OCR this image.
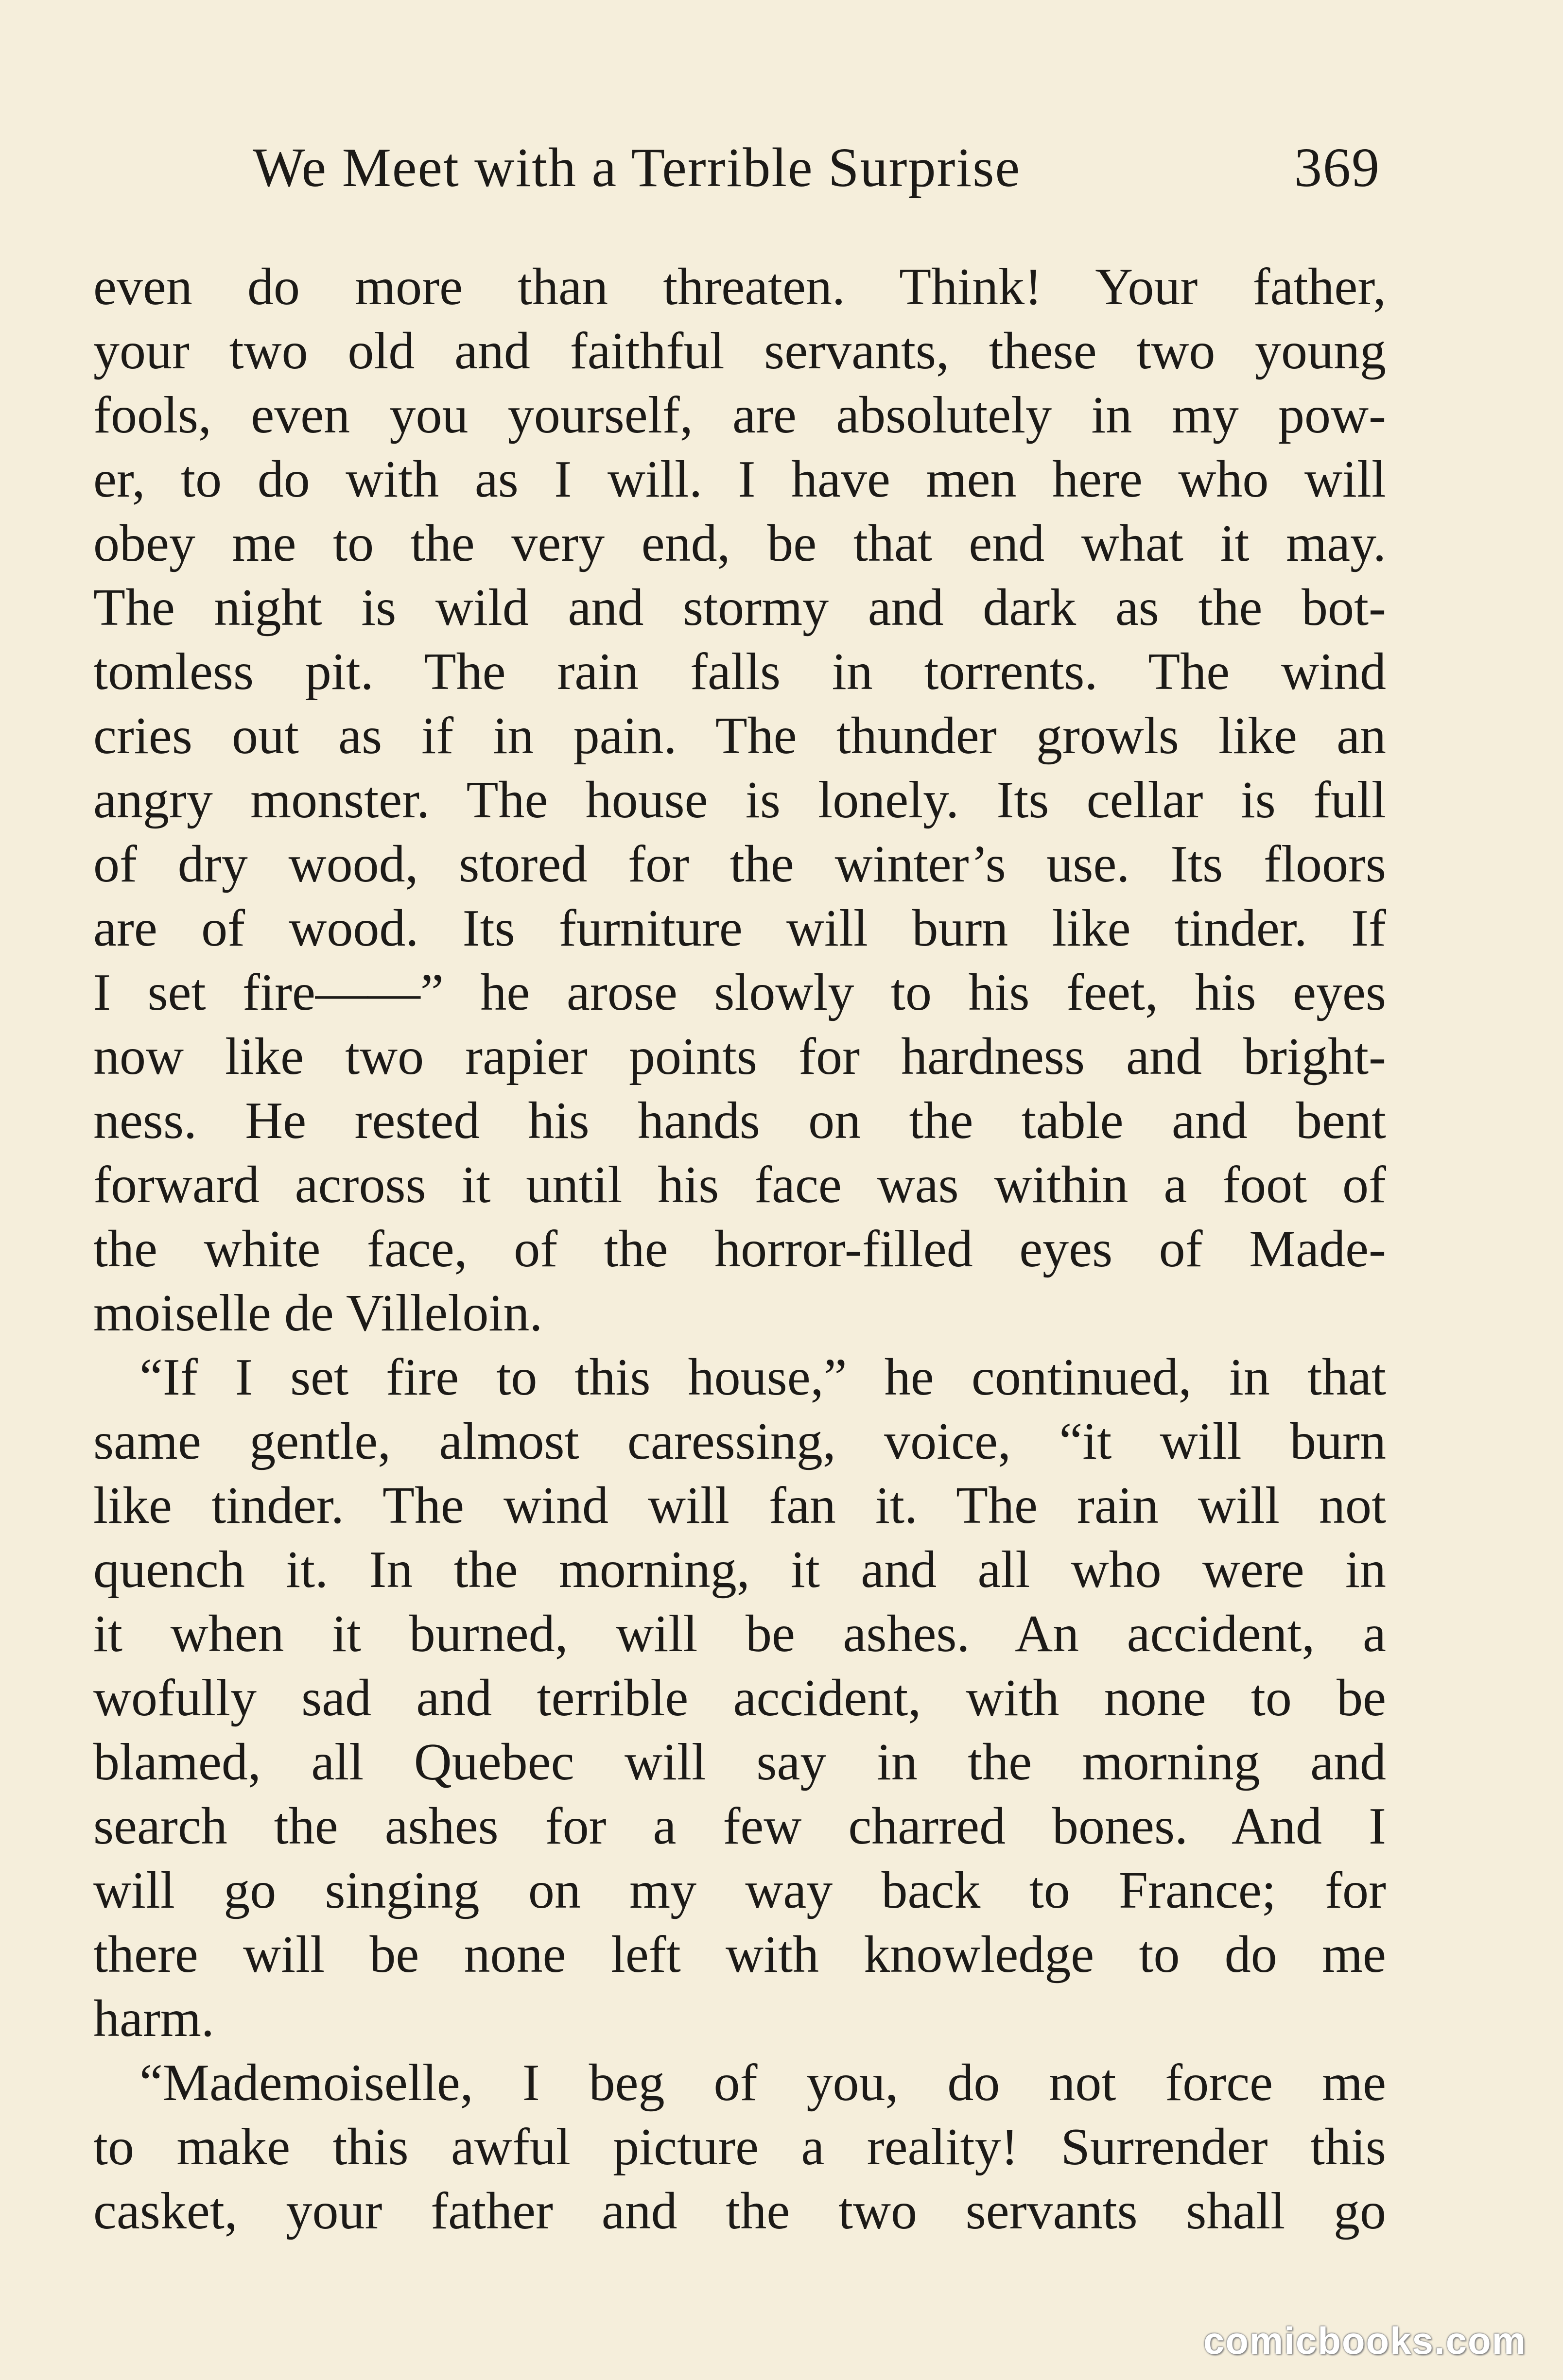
We Meet with a Terrible Surprise	369
even do more than threaten. Think! Your father,
your two old and faithful servants, these two young
fools, even you yourself, are absolutely in my pow-
er, to do with as I will. I have men here who will
obey me to the very end, be that end what it may.
The night is wild and stormy and dark as the bot-
tomless pit. The rain falls in torrents. The wind
cries out as if in pain. The thunder growls like an
angry monster. The house is lonely. Its cellar is full
of dry wood, stored for the winter’s use. Its floors
are of wood. Its furniture will burn like tinder. If
I set fire——” he arose slowly to his feet, his eyes
now like two rapier points for hardness and bright-
ness. He rested his hands on the table and bent
forward across it until his face was within a foot of
the white face, of the horror-filled eyes of Made-
moiselle de Villeloin.
“If I set fire to this house,” he continued, in that
same gentle, almost caressing, voice, “it will burn
like tinder. The wind will fan it. The rain will not
quench it. In the morning, it and all who were in
it when it burned, will be ashes. An accident, a
wofully sad and terrible accident, with none to be
blamed, all Quebec will say in the morning and
search the ashes for a few charred bones. And I
will go singing on my way back to France; for
there will be none left with knowledge to do me
harm.
“Mademoiselle, I beg of you, do not force me
to make this awful picture a reality! Surrender this
casket, your father and the two servants shall go
comicbooks.com
